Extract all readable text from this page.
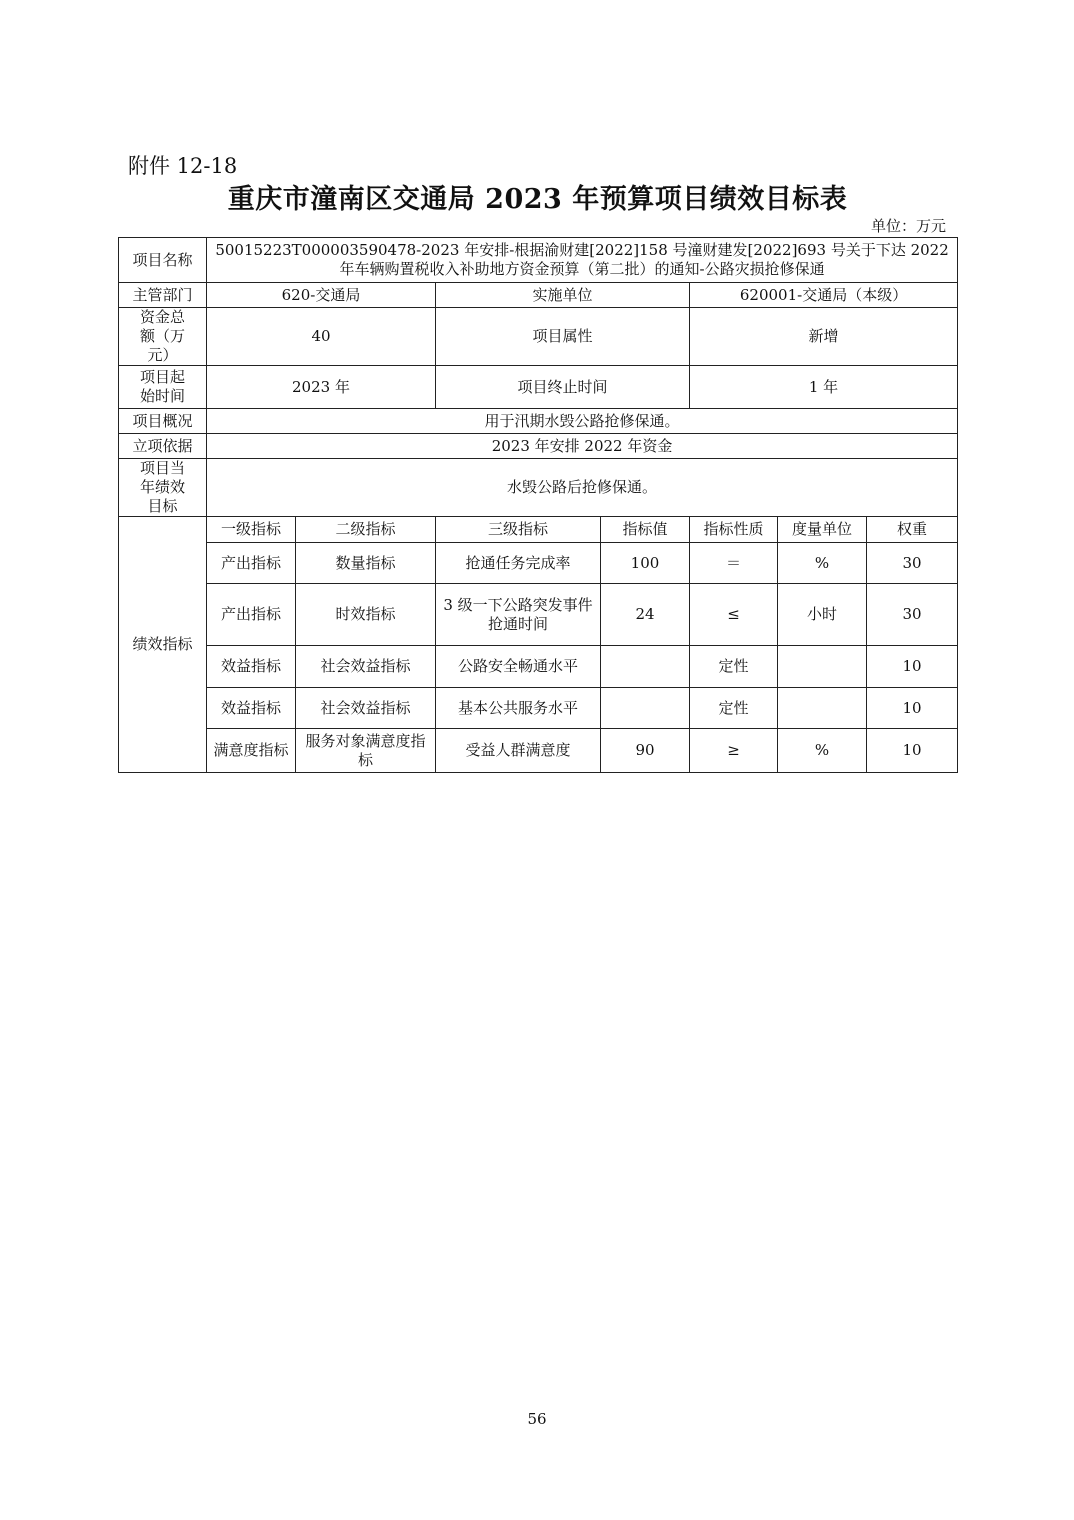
附件 12-18
重庆市潼南区交通局 2023 年预算项目绩效目标表
单位：万元
项目名称	50015223T000003590478-2023 年安排-根据渝财建[2022]158 号潼财建发[2022]693 号关于下达 2022 年车辆购置税收入补助地方资金预算（第二批）的通知-公路灾损抢修保通						
主管部门	620-交通局		实施单位		620001-交通局（本级）		
资金总额（万元）	40		项目属性		新增		
项目起始时间	2023 年		项目终止时间		1 年		
项目概况	用于汛期水毁公路抢修保通。						
立项依据	2023 年安排 2022 年资金						
项目当年绩效目标	水毁公路后抢修保通。						
绩效指标	一级指标	二级指标	三级指标	指标值	指标性质	度量单位	权重
	产出指标	数量指标	抢通任务完成率	100	＝	%	30
	产出指标	时效指标	3 级一下公路突发事件抢通时间	24	≤	小时	30
	效益指标	社会效益指标	公路安全畅通水平		定性		10
	效益指标	社会效益指标	基本公共服务水平		定性		10
	满意度指标	服务对象满意度指标	受益人群满意度	90	≥	%	10
56
